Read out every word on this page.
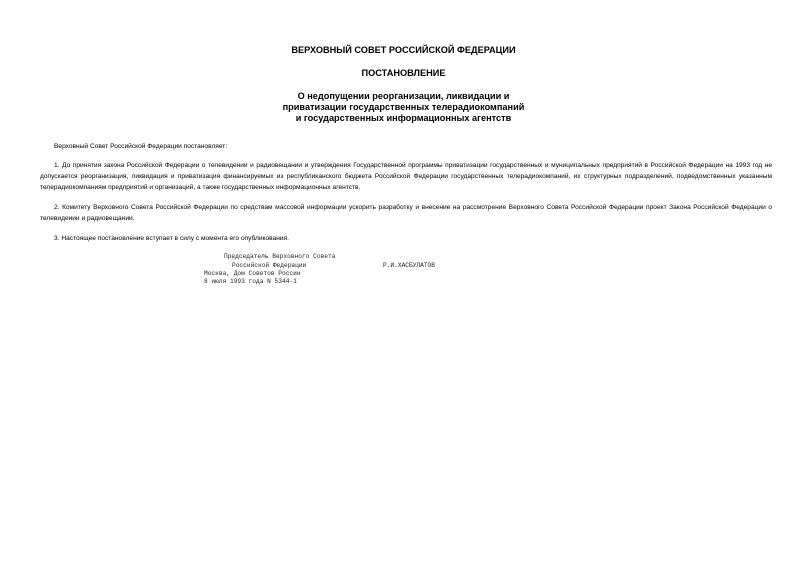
ВЕРХОВНЫЙ СОВЕТ РОССИЙСКОЙ ФЕДЕРАЦИИ
ПОСТАНОВЛЕНИЕ
О недопущении реорганизации, ликвидации и
приватизации государственных телерадиокомпаний
и государственных информационных агентств
Верховный Совет Российской Федерации постановляет:
1. До принятия закона Российской Федерации о телевидении и радиовещании и утверждения Государственной программы приватизации государственных и муниципальных предприятий в Российской Федерации на 1993 год не допускается реорганизация, ликвидация и приватизация финансируемых из республиканского бюджета Российской Федерации государственных телерадиокомпаний, их структурных подразделений, подведомственных указанным телерадиокомпаниям предприятий и организаций, а также государственных информационных агентств.
2. Комитету Верховного Совета Российской Федерации по средствам массовой информации ускорить разработку и внесение на рассмотрение Верховного Совета Российской Федерации проект Закона Российской Федерации о телевидении и радиовещании.
3. Настоящее постановление вступает в силу с момента его опубликования.
Председатель Верховного Совета
Российской Федерации	Р.И.ХАСБУЛАТОВ
Москва, Дом Советов России
8 июля 1993 года N 5344-1
